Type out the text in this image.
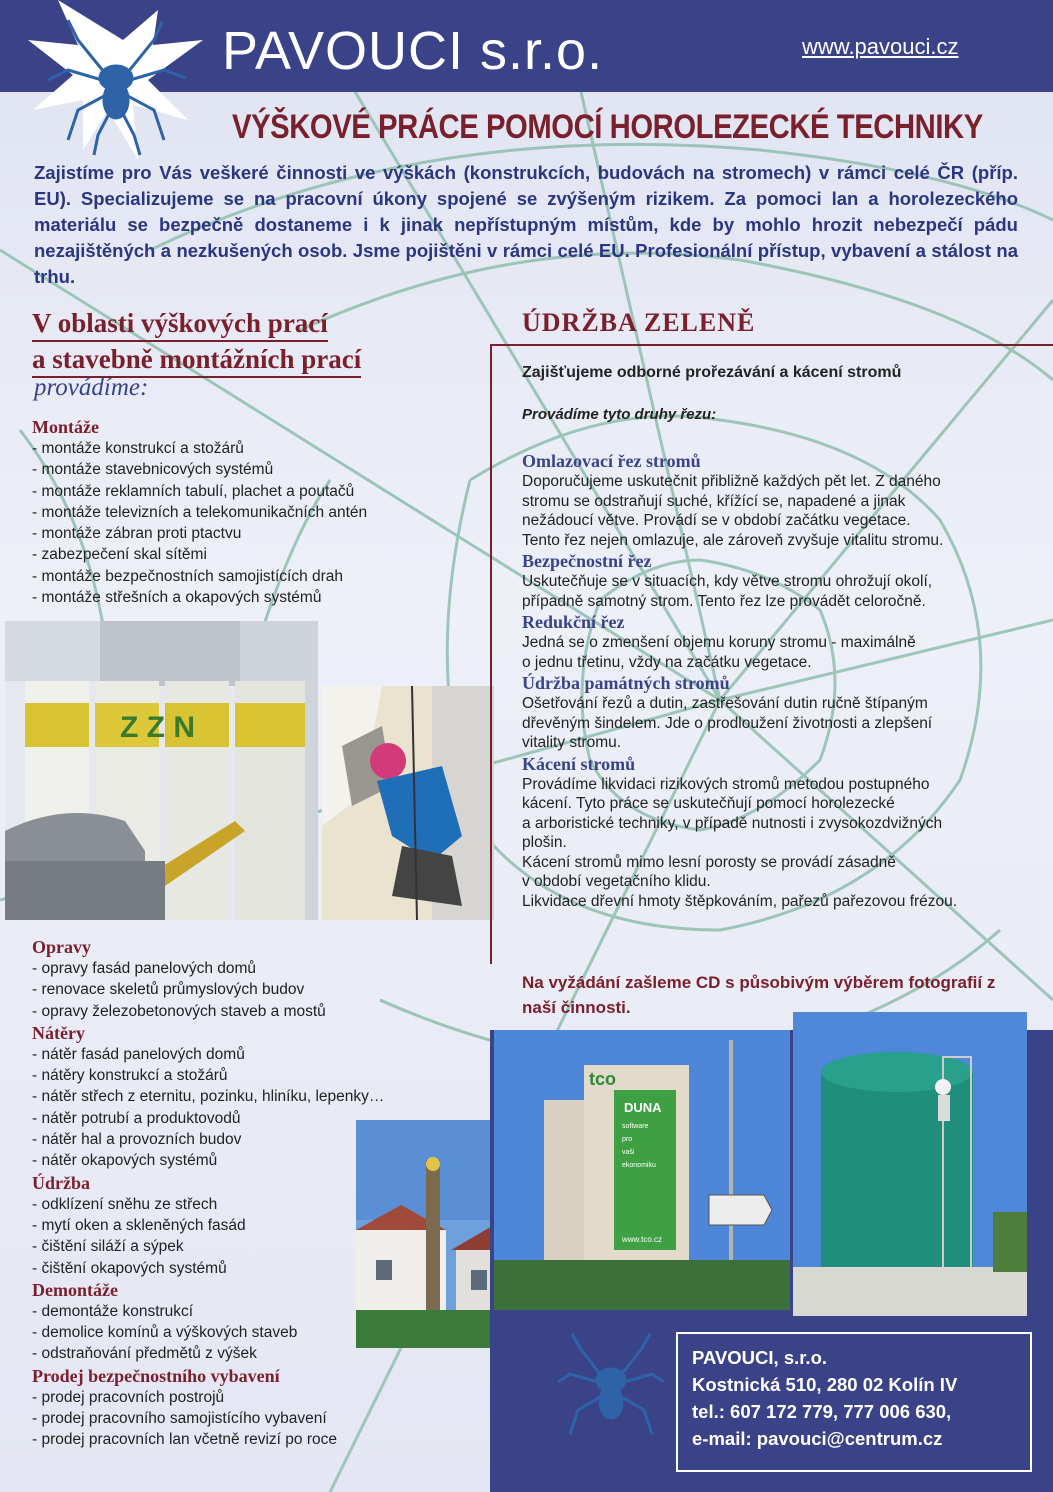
PAVOUCI s.r.o.	www.pavouci.cz
VÝŠKOVÉ PRÁCE POMOCÍ HOROLEZECKÉ TECHNIKY
Zajistíme pro Vás veškeré činnosti ve výškách (konstrukcích, budovách na stromech) v rámci celé ČR (příp. EU). Specializujeme se na pracovní úkony spojené se zvýšeným rizikem. Za pomoci lan a horolezeckého materiálu se bezpečně dostaneme i k jinak nepřístupným místům, kde by mohlo hrozit nebezpečí pádu nezajištěných a nezkušených osob. Jsme pojištěni v rámci celé EU. Profesionální přístup, vybavení a stálost na trhu.
V oblasti výškových prací
a stavebně montážních prací
provádíme:
Montáže
- montáže konstrukcí a stožárů
- montáže stavebnicových systémů
- montáže reklamních tabulí, plachet a poutačů
- montáže televizních a telekomunikačních antén
- montáže zábran proti ptactvu
- zabezpečení skal sítěmi
- montáže bezpečnostních samojistících drah
- montáže střešních a okapových systémů
Z Z N
Opravy
- opravy fasád panelových domů
- renovace skeletů průmyslových budov
- opravy železobetonových staveb a mostů
Nátěry
- nátěr fasád panelových domů
- nátěry konstrukcí a stožárů
- nátěr střech z eternitu, pozinku, hliníku, lepenky…
- nátěr potrubí a produktovodů
- nátěr hal a provozních budov
- nátěr okapových systémů
Údržba
- odklízení sněhu ze střech
- mytí oken a skleněných fasád
- čištění siláží a sýpek
- čištění okapových systémů
Demontáže
- demontáže konstrukcí
- demolice komínů a výškových staveb
- odstraňování předmětů z výšek
Prodej bezpečnostního vybavení
- prodej pracovních postrojů
- prodej pracovního samojistícího vybavení
- prodej pracovních lan včetně revizí po roce
ÚDRŽBA ZELENĚ
Zajišťujeme odborné prořezávání a kácení stromů
Provádíme tyto druhy řezu:
Omlazovací řez stromů
Doporučujeme uskutečnit přibližně každých pět let. Z daného
stromu se odstraňují suché, křížící se, napadené a jinak
nežádoucí větve. Provádí se v období začátku vegetace.
Tento řez nejen omlazuje, ale zároveň zvyšuje vitalitu stromu.
Bezpečnostní řez
Uskutečňuje se v situacích, kdy větve stromu ohrožují okolí,
případně samotný strom. Tento řez lze provádět celoročně.
Redukční řez
Jedná se o zmenšení objemu koruny stromu - maximálně
o jednu třetinu, vždy na začátku vegetace.
Údržba památných stromů
Ošetřování řezů a dutin, zastřešování dutin ručně štípaným
dřevěným šindelem. Jde o prodloužení životnosti a zlepšení
vitality stromu.
Kácení stromů
Provádíme likvidaci rizikových stromů metodou postupného
kácení. Tyto práce se uskutečňují pomocí horolezecké
a arboristické techniky, v případě nutnosti i zvysokozdvižných
plošin.
Kácení stromů mimo lesní porosty se provádí zásadně
v období vegetačního klidu.
Likvidace dřevní hmoty štěpkováním, pařezů pařezovou frézou.
Na vyžádání zašleme CD s působivým výběrem fotografií z naší činnosti.
tco
DUNA
software
pro
vaši
ekonomiku
www.tco.cz
PAVOUCI, s.r.o.
Kostnická 510, 280 02 Kolín IV
tel.: 607 172 779, 777 006 630,
e-mail: pavouci@centrum.cz
